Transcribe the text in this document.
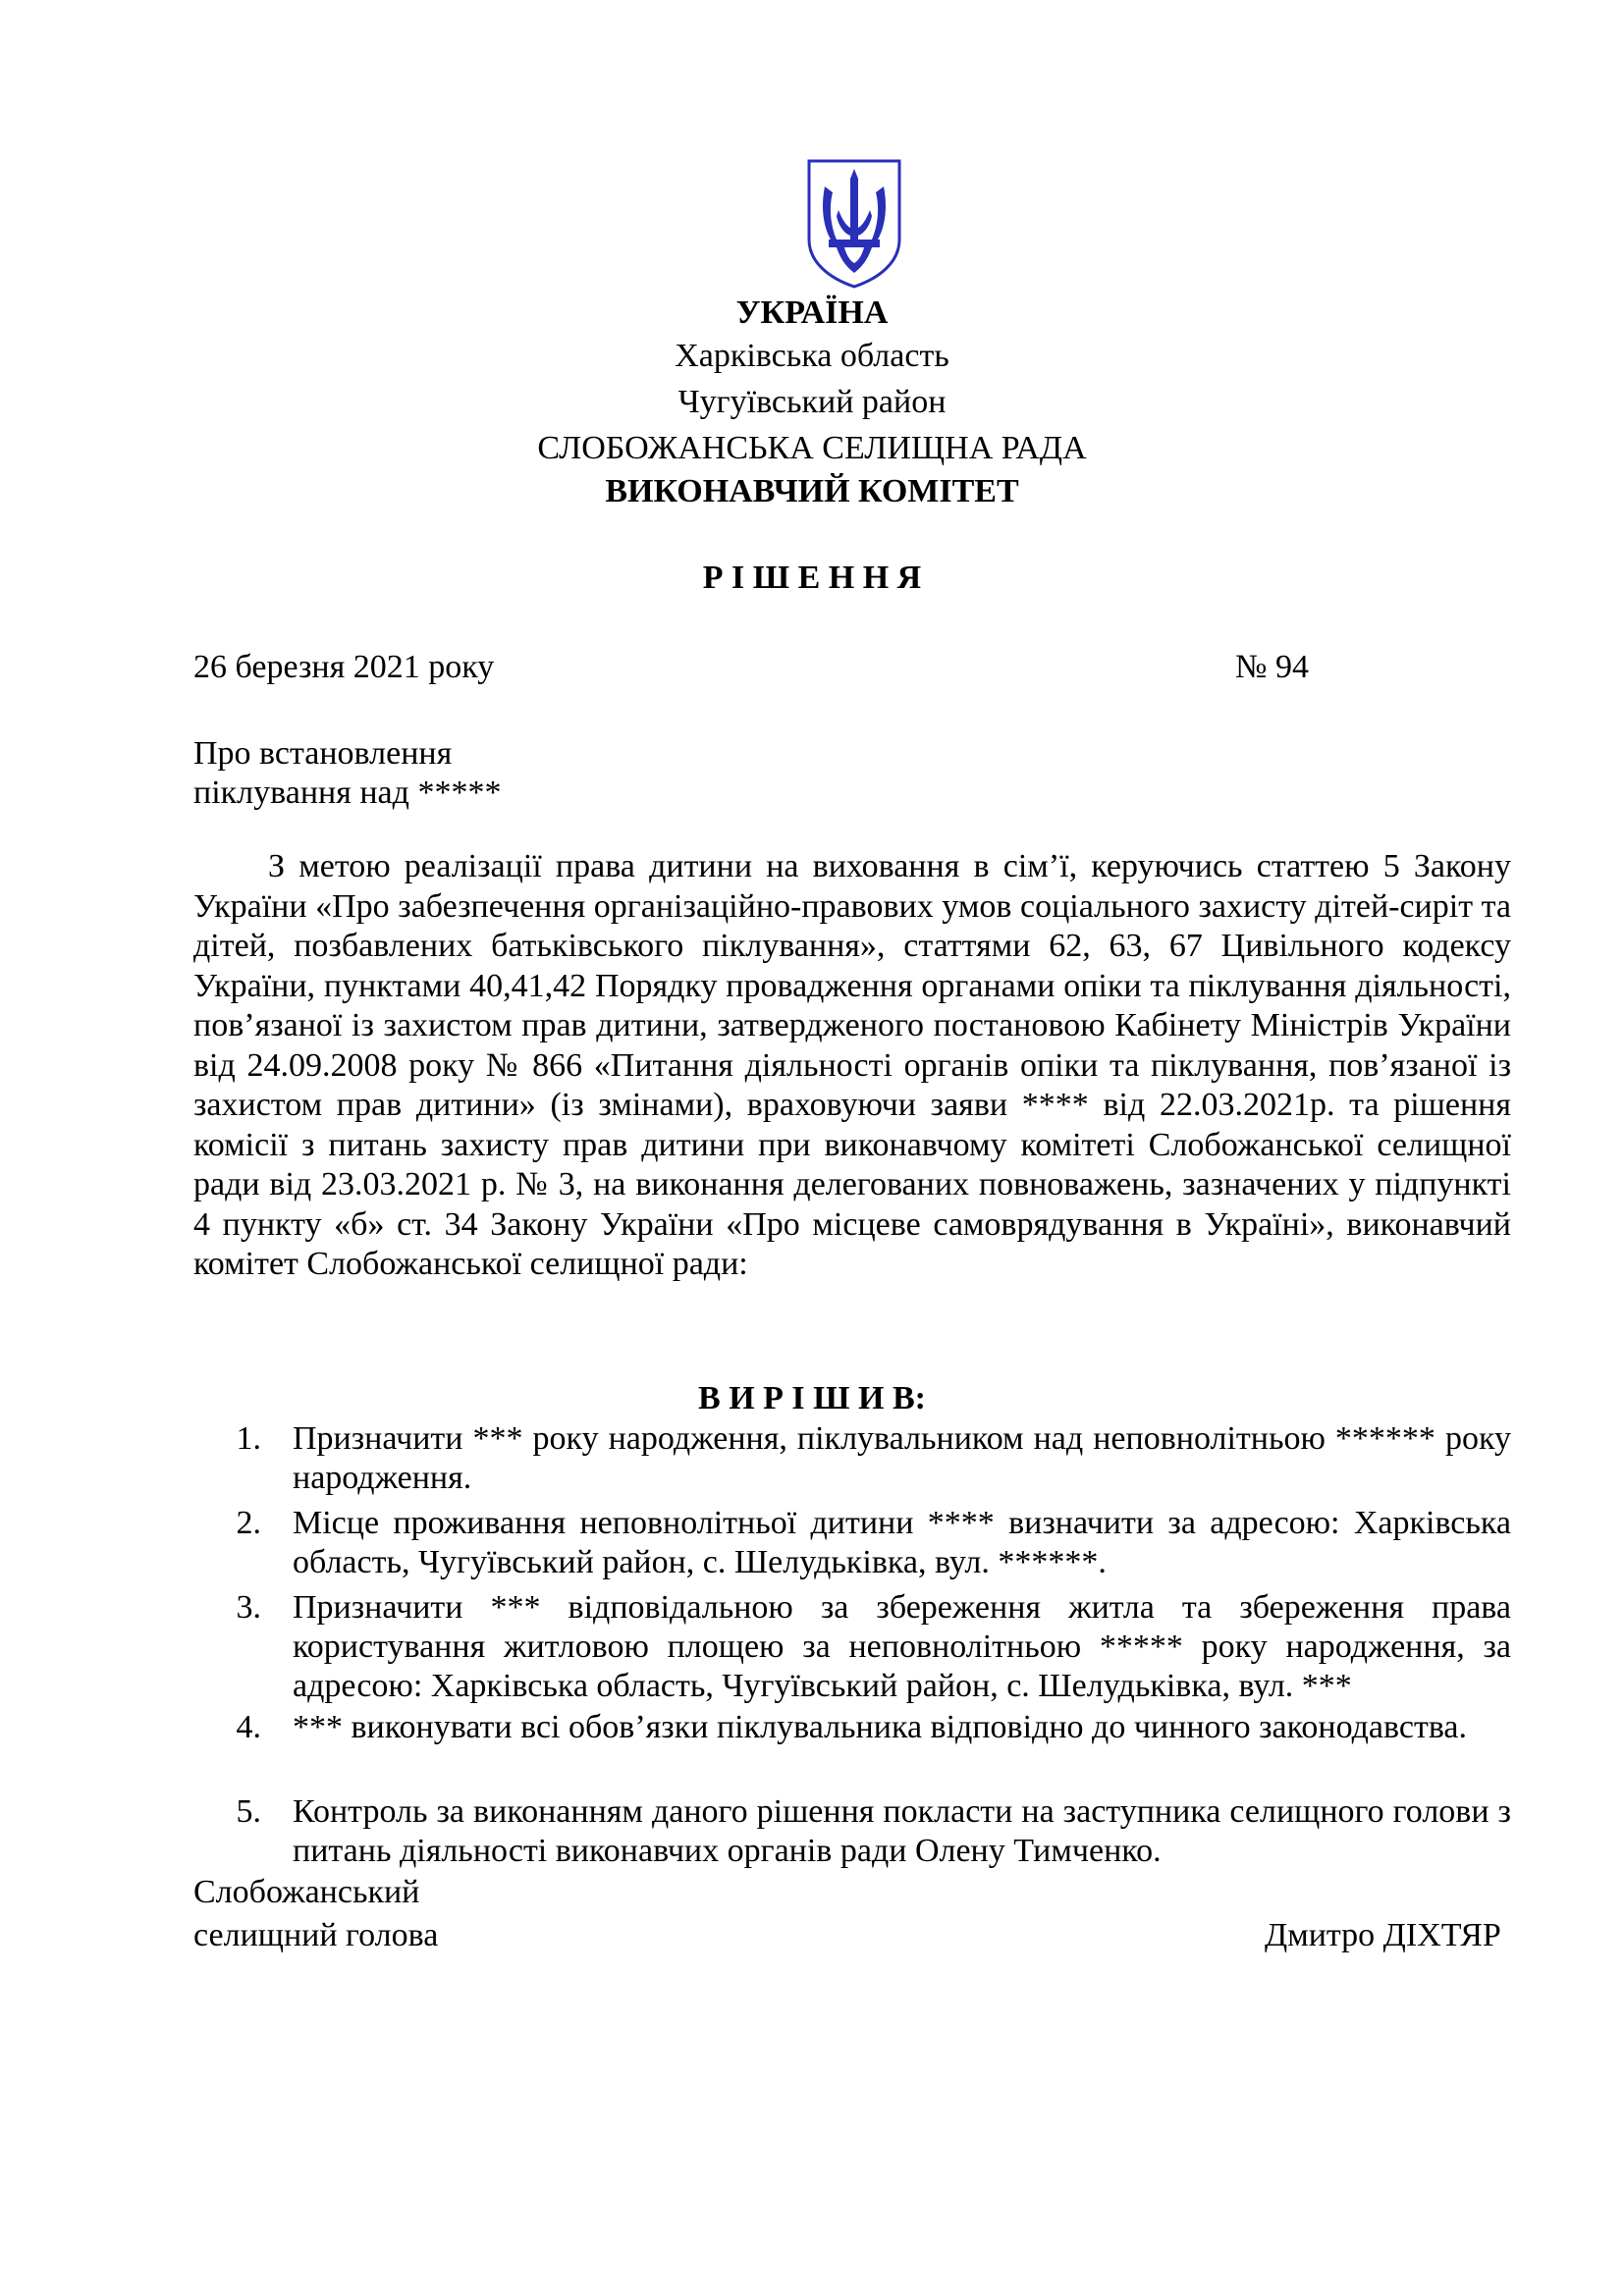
УКРАЇНА
Харківська область
Чугуївський район
СЛОБОЖАНСЬКА СЕЛИЩНА РАДА
ВИКОНАВЧИЙ КОМІТЕТ
Р І Ш Е Н Н Я
26 березня 2021 року	№ 94
Про встановлення
піклування над *****
З метою реалізації права дитини на виховання в сім’ї, керуючись статтею 5 Закону України «Про забезпечення організаційно-правових умов соціального захисту дітей-сиріт та дітей, позбавлених батьківського піклування», статтями 62, 63, 67 Цивільного кодексу України, пунктами 40,41,42 Порядку провадження органами опіки та піклування діяльності, пов’язаної із захистом прав дитини, затвердженого постановою Кабінету Міністрів України від 24.09.2008 року № 866 «Питання діяльності органів опіки та піклування, пов’язаної із захистом прав дитини» (із змінами), враховуючи заяви **** від 22.03.2021р. та рішення комісії з питань захисту прав дитини при виконавчому комітеті Слобожанської селищної ради від 23.03.2021 р. № 3, на виконання делегованих повноважень, зазначених у підпункті 4 пункту «б» ст. 34 Закону України «Про місцеве самоврядування в Україні», виконавчий комітет Слобожанської селищної ради:
В И Р І Ш И В:
1. Призначити *** року народження, піклувальником над неповнолітньою ****** року народження.
2. Місце проживання неповнолітньої дитини **** визначити за адресою: Харківська область, Чугуївський район, с. Шелудьківка, вул. ******.
3. Призначити *** відповідальною за збереження житла та збереження права користування житловою площею за неповнолітньою ***** року народження, за адресою: Харківська область, Чугуївський район, с. Шелудьківка, вул. ***
4. *** виконувати всі обов’язки піклувальника відповідно до чинного законодавства.
5. Контроль за виконанням даного рішення покласти на заступника селищного голови з питань діяльності виконавчих органів ради Олену Тимченко.
Слобожанський
селищний голова	Дмитро ДІХТЯР
